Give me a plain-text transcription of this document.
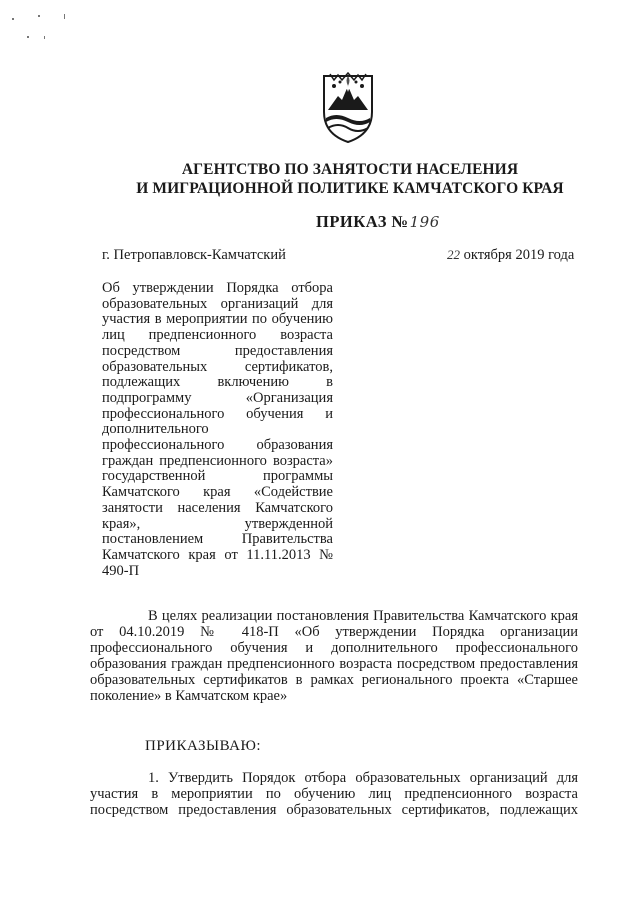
АГЕНТСТВО ПО ЗАНЯТОСТИ НАСЕЛЕНИЯ
И МИГРАЦИОННОЙ ПОЛИТИКЕ КАМЧАТСКОГО КРАЯ
ПРИКАЗ №196
г. Петропавловск-Камчатский	22 октября 2019 года
Об утверждении Порядка отбора
образовательных организаций для
участия в мероприятии по обучению
лиц предпенсионного возраста
посредством предоставления
образовательных сертификатов,
подлежащих включению в
подпрограмму «Организация
профессионального обучения и
дополнительного
профессионального образования
граждан предпенсионного возраста»
государственной программы
Камчатского края «Содействие
занятости населения Камчатского
края», утвержденной
постановлением Правительства
Камчатского края от 11.11.2013 №
490-П
В целях реализации постановления Правительства Камчатского края
от 04.10.2019 № 418-П «Об утверждении Порядка организации
профессионального обучения и дополнительного профессионального
образования граждан предпенсионного возраста посредством предоставления
образовательных сертификатов в рамках регионального проекта «Старшее
поколение» в Камчатском крае»
ПРИКАЗЫВАЮ:
1. Утвердить Порядок отбора образовательных организаций для
участия в мероприятии по обучению лиц предпенсионного возраста
посредством предоставления образовательных сертификатов, подлежащих
